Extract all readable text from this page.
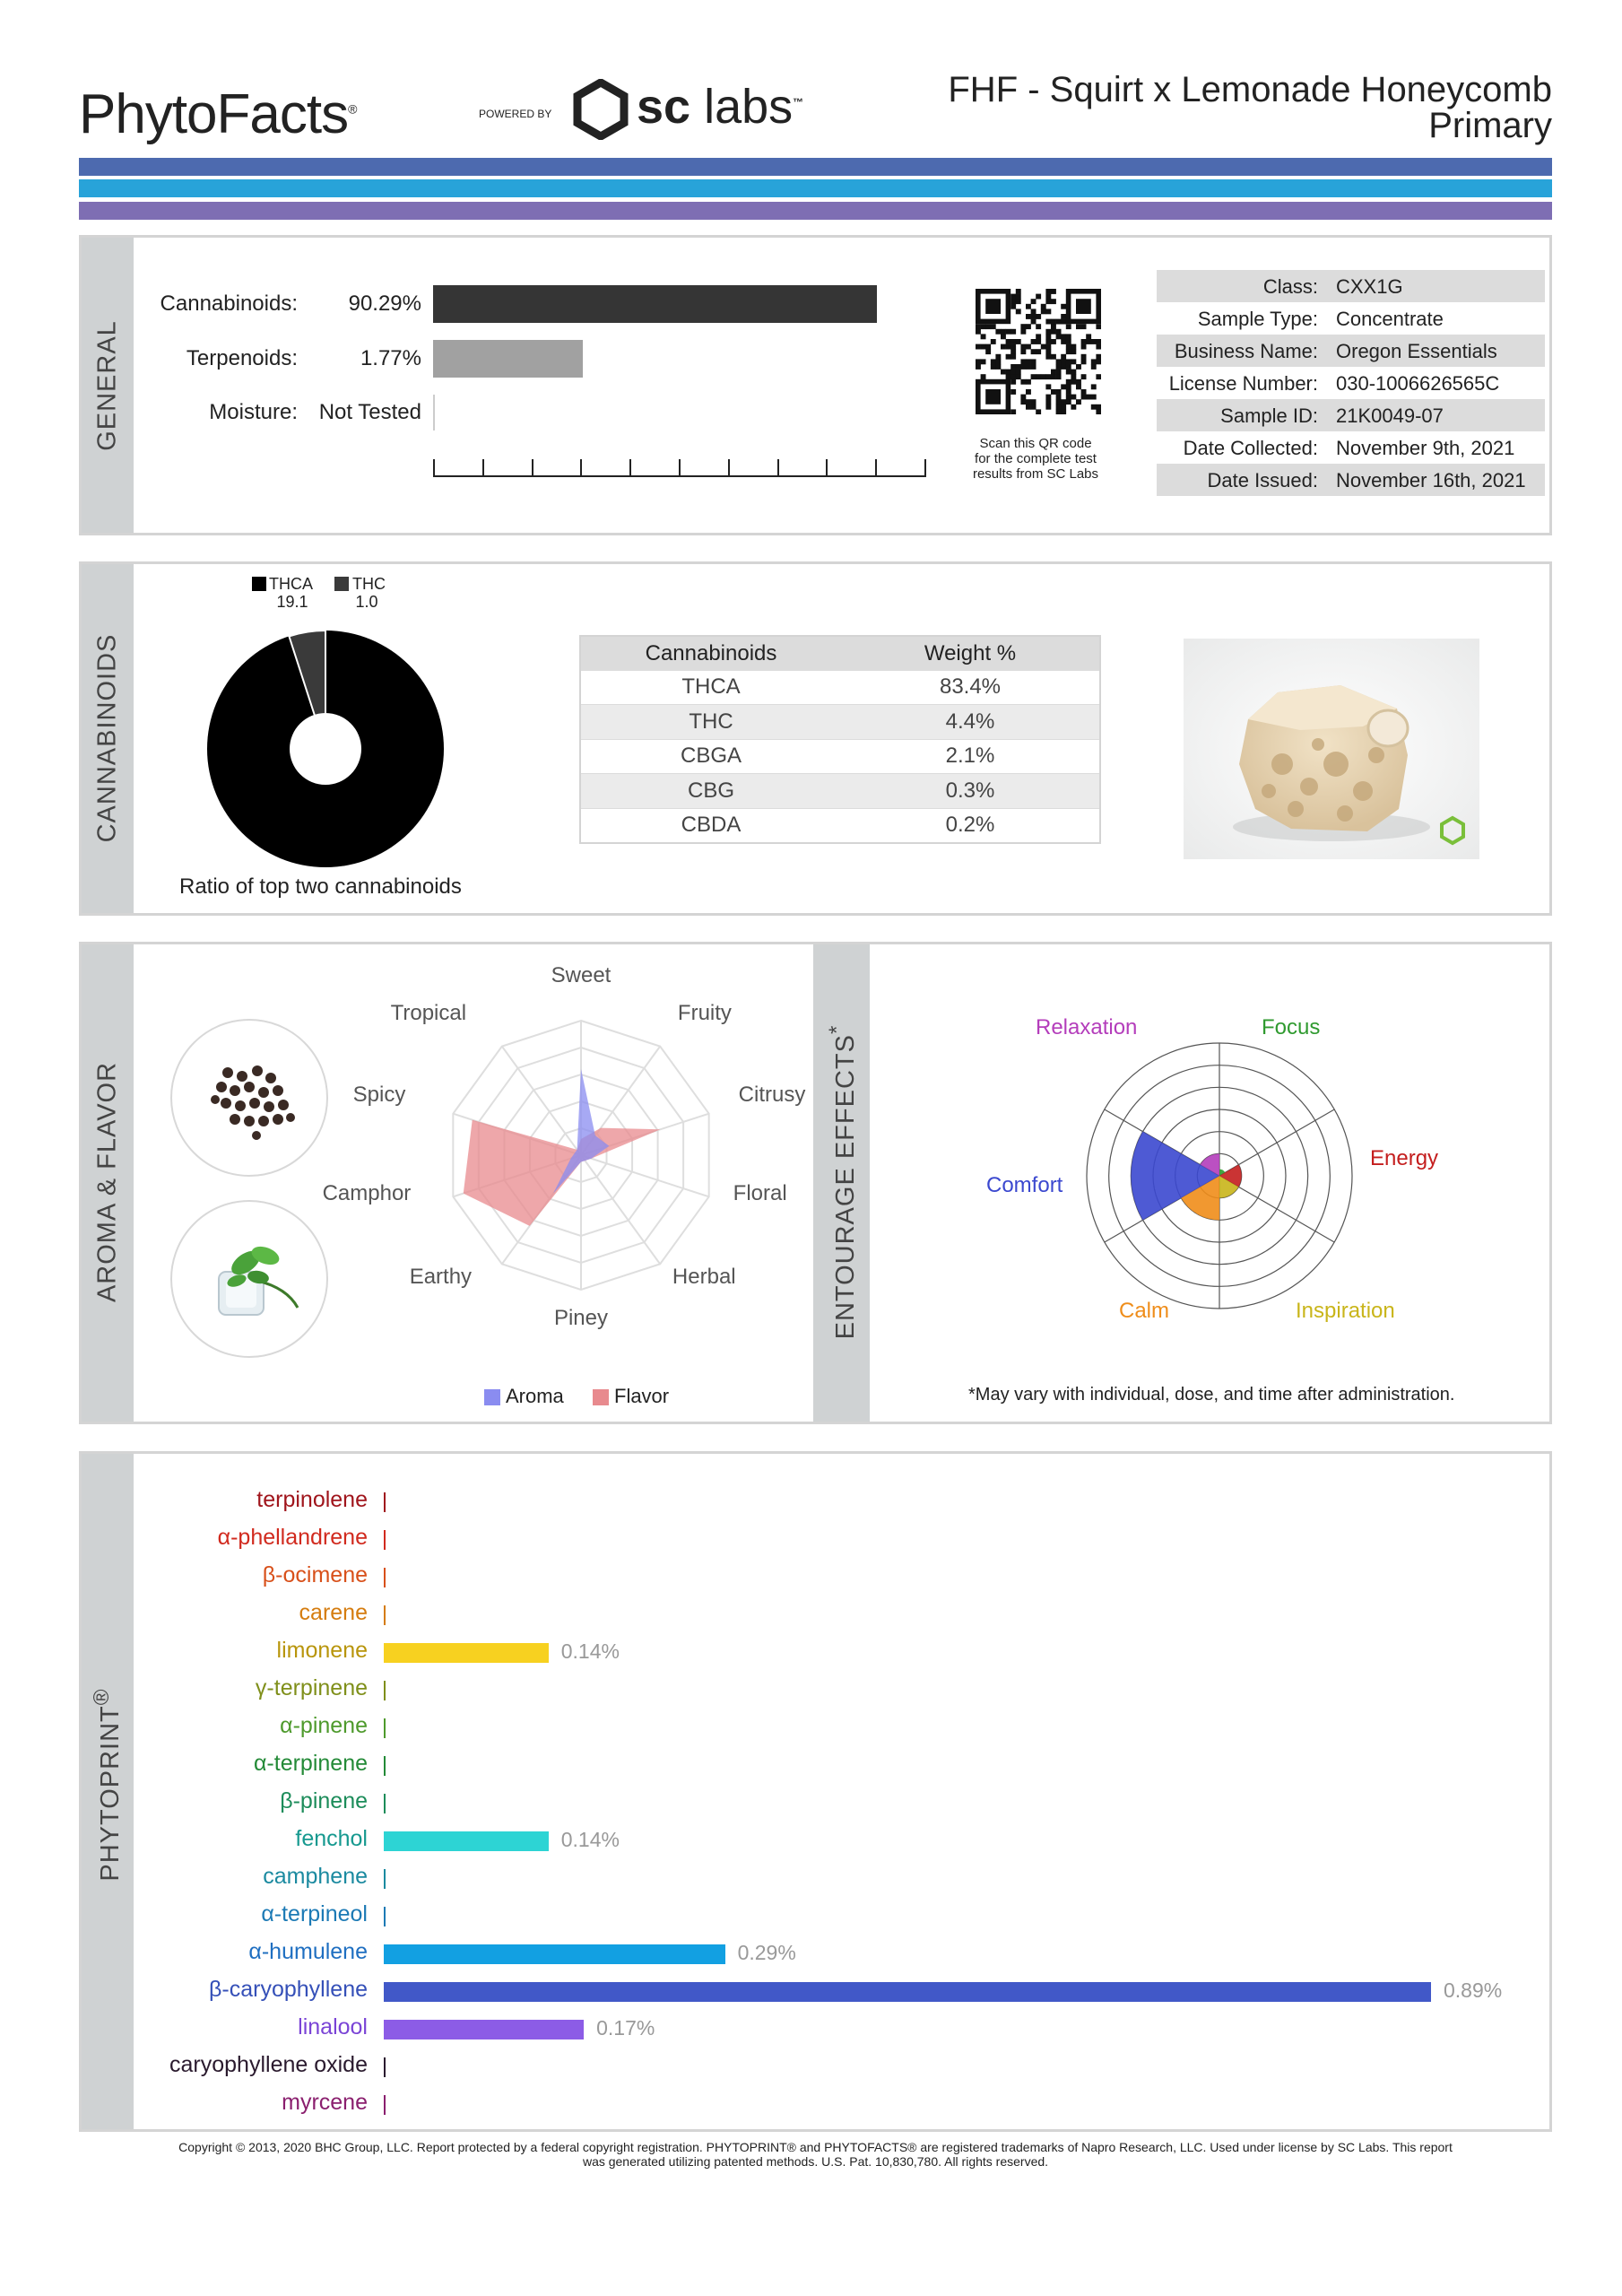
PhytoFacts®	POWERED BY sc labs™	FHF - Squirt x Lemonade Honeycomb
Primary
GENERAL
Cannabinoids:	90.29%
Terpenoids:	1.77%
Moisture: Not Tested
Scan this QR code
for the complete test
results from SC Labs
Class: CXX1G
Sample Type: Concentrate
Business Name: Oregon Essentials
License Number: 030-1006626565C
Sample ID: 21K0049-07
Date Collected: November 9th, 2021
Date Issued: November 16th, 2021
CANNABINOIDS
THCA
19.1
THC
1.0
Ratio of top two cannabinoids
Cannabinoids	Weight %
THCA	83.4%
THC	4.4%
CBGA	2.1%
CBG	0.3%
CBDA	0.2%
AROMA & FLAVOR
Sweet
Fruity
Citrusy
Floral
Herbal
Piney
Earthy
Camphor
Spicy
Tropical
Aroma	Flavor
ENTOURAGE EFFECTS*	Relaxation	Focus
Energy
Inspiration
Calm
Comfort
*May vary with individual, dose, and time after administration.
PHYTOPRINT®
terpinolene
α-phellandrene
β-ocimene
carene
limonene	0.14%
γ-terpinene
α-pinene
α-terpinene
β-pinene
fenchol	0.14%
camphene
α-terpineol
α-humulene	0.29%
β-caryophyllene	0.89%
linalool	0.17%
caryophyllene oxide
myrcene
Copyright © 2013, 2020 BHC Group, LLC. Report protected by a federal copyright registration. PHYTOPRINT® and PHYTOFACTS® are registered trademarks of Napro Research, LLC. Used under license by SC Labs. This report
was generated utilizing patented methods. U.S. Pat. 10,830,780. All rights reserved.
